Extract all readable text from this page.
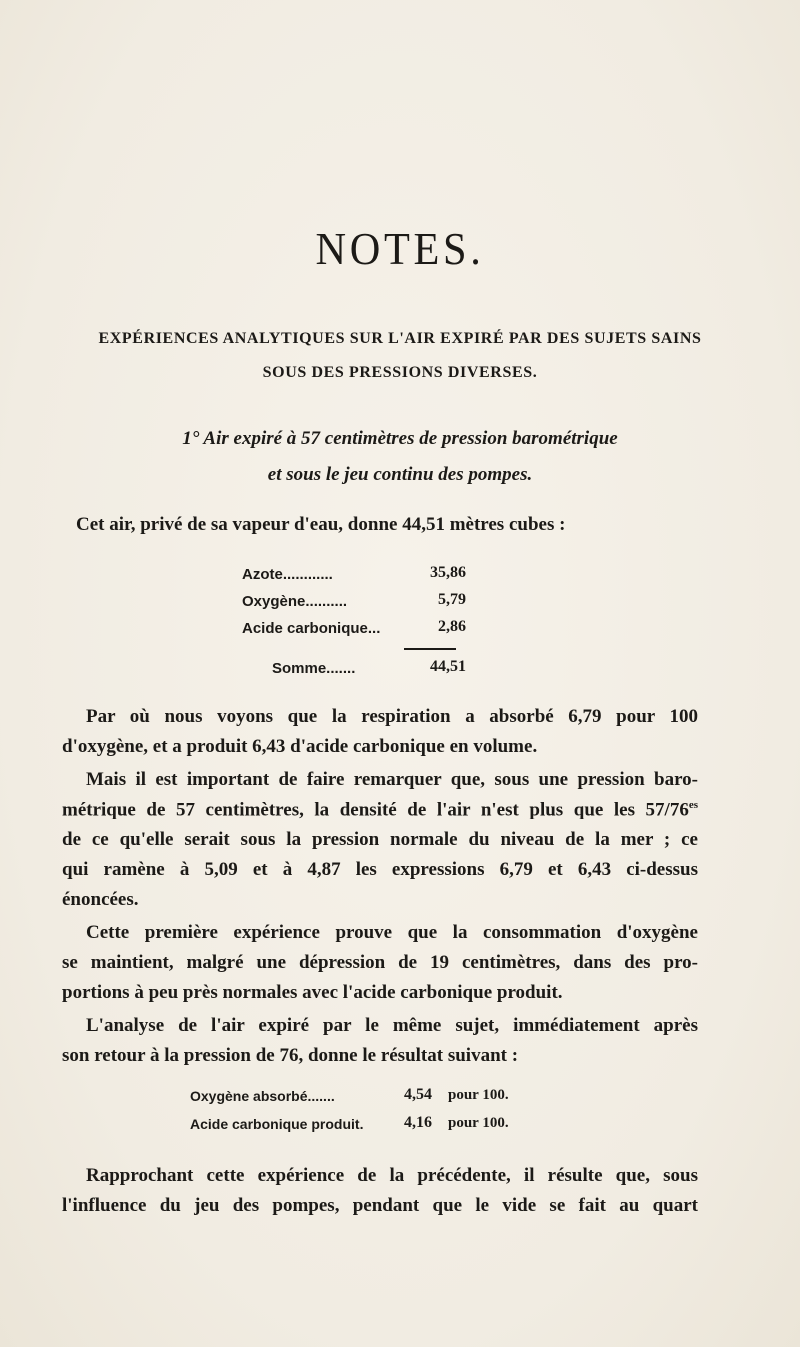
NOTES.
EXPÉRIENCES ANALYTIQUES SUR L'AIR EXPIRÉ PAR DES SUJETS SAINS
SOUS DES PRESSIONS DIVERSES.
1° Air expiré à 57 centimètres de pression barométrique
et sous le jeu continu des pompes.
Cet air, privé de sa vapeur d'eau, donne 44,51 mètres cubes :
Azote............	35,86
Oxygène..........	5,79
Acide carbonique...	2,86
Somme.......	44,51
Par où nous voyons que la respiration a absorbé 6,79 pour 100
d'oxygène, et a produit 6,43 d'acide carbonique en volume.
Mais il est important de faire remarquer que, sous une pression baro-
métrique de 57 centimètres, la densité de l'air n'est plus que les $57/76^{es}$
de ce qu'elle serait sous la pression normale du niveau de la mer ; ce
qui ramène à 5,09 et à 4,87 les expressions 6,79 et 6,43 ci-dessus
énoncées.
Cette première expérience prouve que la consommation d'oxygène
se maintient, malgré une dépression de 19 centimètres, dans des pro-
portions à peu près normales avec l'acide carbonique produit.
L'analyse de l'air expiré par le même sujet, immédiatement après
son retour à la pression de 76, donne le résultat suivant :
Oxygène absorbé.......	4,54 pour 100.
Acide carbonique produit.	4,16 pour 100.
Rapprochant cette expérience de la précédente, il résulte que, sous
l'influence du jeu des pompes, pendant que le vide se fait au quart
